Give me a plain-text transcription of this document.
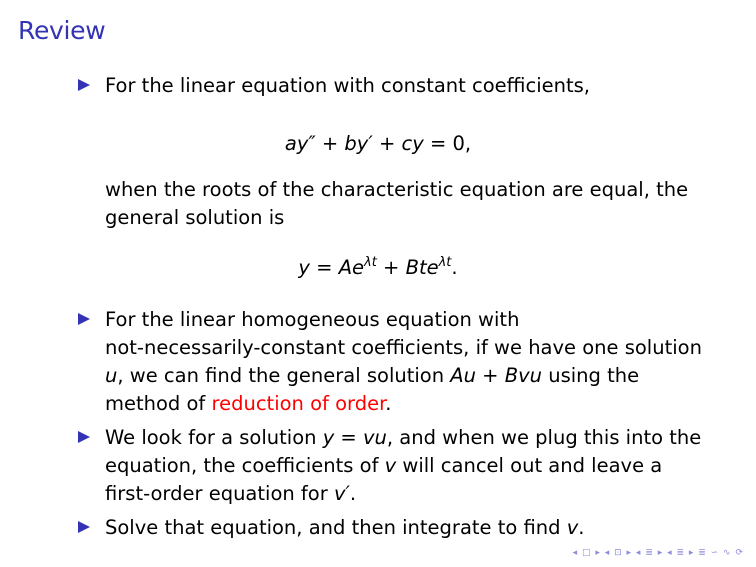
Review
For the linear equation with constant coefficients,
ay″ + by′ + cy = 0,
when the roots of the characteristic equation are equal, the
general solution is
$y = Ae^{\lambda t} + Bte^{\lambda t}$.
For the linear homogeneous equation with
not-necessarily-constant coefficients, if we have one solution
u, we can find the general solution Au + Bvu using the
method of reduction of order.
We look for a solution y = vu, and when we plug this into the
equation, the coefficients of v will cancel out and leave a
first-order equation for v′.
Solve that equation, and then integrate to find v.
◂ □ ▸ ◂ ⊡ ▸ ◂ ≣ ▸ ◂ ≣ ▸ ≣ ∽ ∿ ⟳
